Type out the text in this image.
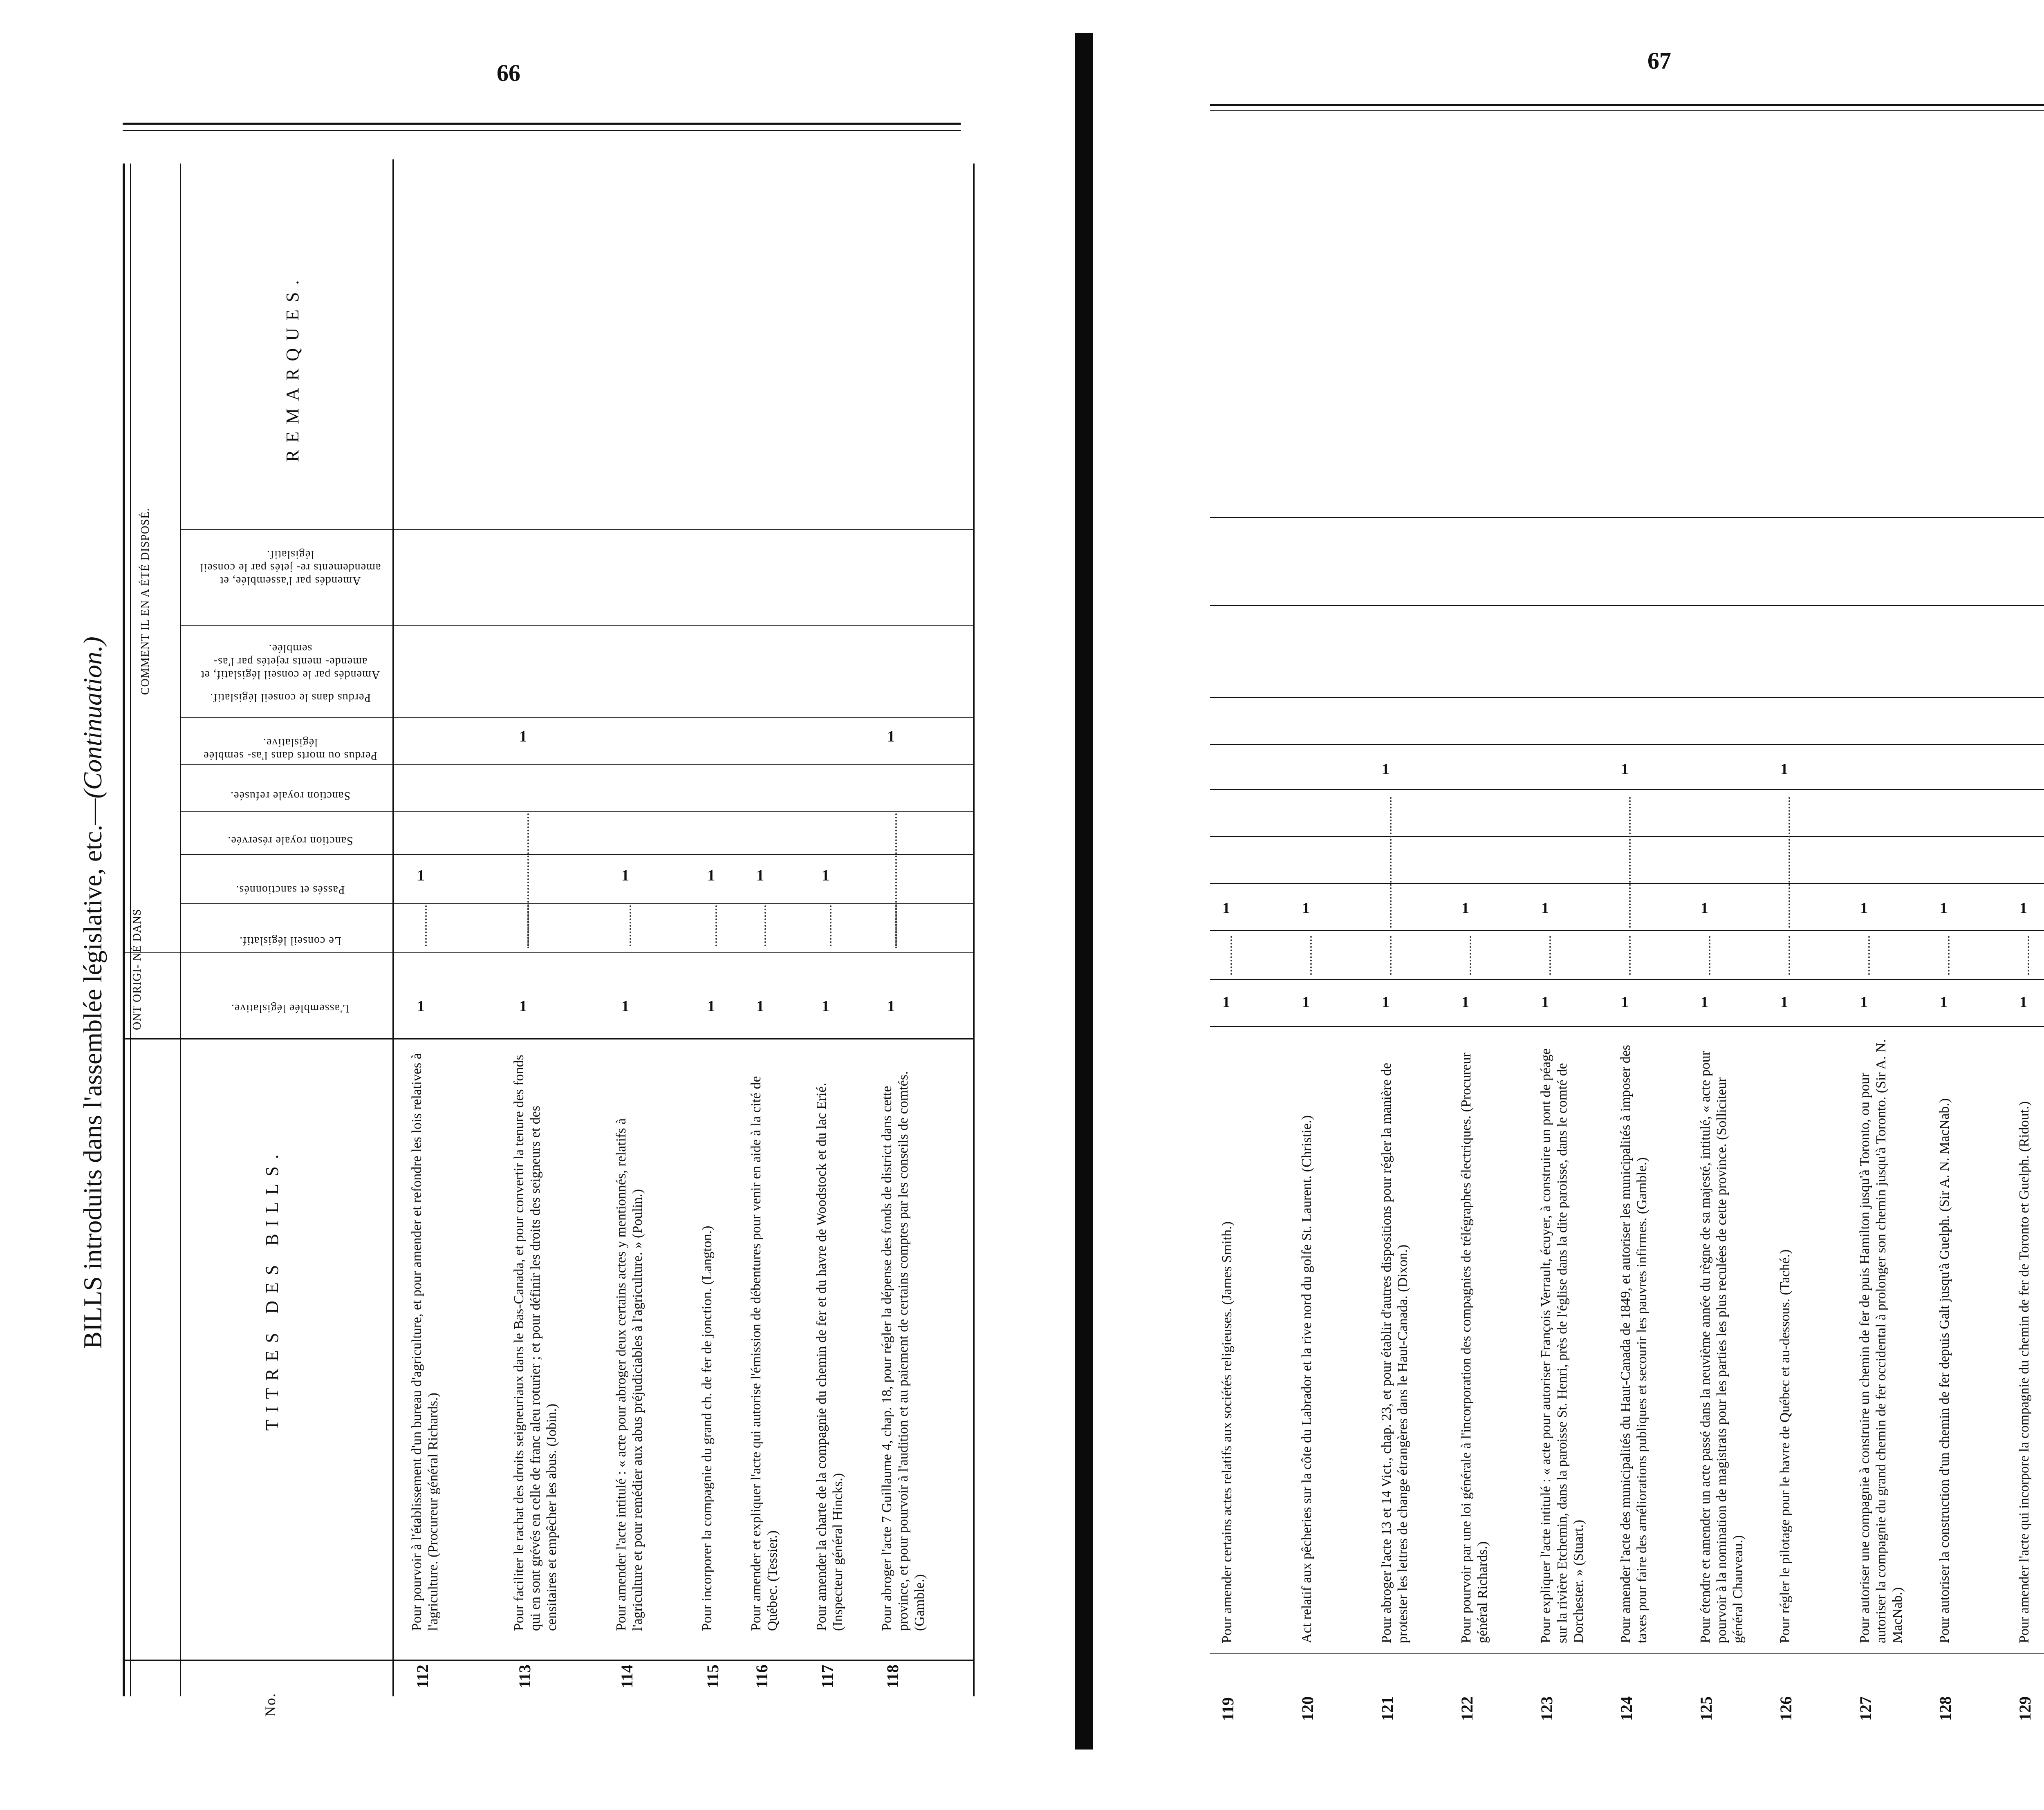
66
BILLS introduits dans l'assemblée législative, etc.—(Continuation.)
No.
TITRES DES BILLS.
ONT ORIGI- NÉ DANS
COMMENT IL EN A ÉTÉ DISPOSÉ.
REMARQUES.
L'assemblée législative.
Le conseil législatif.
Passés et sanctionnés.
Sanction royale réservée.
Sanction royale refusée.
Perdus ou morts dans l'as- semblée législative.
Perdus dans le conseil législatif.
Amendés par le conseil législatif, et amende- ments rejetés par l'as- semblée.
Amendés par l'assemblée, et amendements re- jetés par le conseil législatif.
112
Pour pourvoir à l'établissement d'un bureau d'agriculture, et pour amender et refondre les lois relatives à l'agriculture. (Procureur général Richards.)
1
1
113
Pour faciliter le rachat des droits seigneuriaux dans le Bas-Canada, et pour convertir la tenure des fonds qui en sont grévés en celle de franc aleu roturier ; et pour définir les droits des seigneurs et des censitaires et empêcher les abus. (Jobin.)
1
1
114
Pour amender l'acte intitulé : « acte pour abroger deux certains actes y mentionnés, relatifs à l'agriculture et pour remédier aux abus préjudiciables à l'agriculture. » (Poulin.)
1
1
115
Pour incorporer la compagnie du grand ch. de fer de jonction. (Langton.)
1
1
116
Pour amender et expliquer l'acte qui autorise l'émission de débentures pour venir en aide à la cité de Québec. (Tessier.)
1
1
117
Pour amender la charte de la compagnie du chemin de fer et du havre de Woodstock et du lac Erié. (Inspecteur général Hincks.)
1
1
118
Pour abroger l'acte 7 Guillaume 4, chap. 18, pour régler la dépense des fonds de district dans cette province, et pour pourvoir à l'audition et au paiement de certains comptes par les conseils de comtés. (Gamble.)
1
1
67
119
Pour amender certains actes relatifs aux sociétés religieuses. (James Smith.)
1
1
120
Act relatif aux pêcheries sur la côte du Labrador et la rive nord du golfe St. Laurent. (Christie.)
1
1
121
Pour abroger l'acte 13 et 14 Vict., chap. 23, et pour établir d'autres dispositions pour régler la manière de protester les lettres de change étrangères dans le Haut-Canada. (Dixon.)
1
1
122
Pour pourvoir par une loi générale à l'incorporation des compagnies de télégraphes électriques. (Procureur général Richards.)
1
1
123
Pour expliquer l'acte intitulé : « acte pour autoriser François Verrault, écuyer, à construire un pont de péage sur la rivière Etchemin, dans la paroisse St. Henri, près de l'église dans la dite paroisse, dans le comté de Dorchester. » (Stuart.)
1
1
124
Pour amender l'acte des municipalités du Haut-Canada de 1849, et autoriser les municipalités à imposer des taxes pour faire des améliorations publiques et secourir les pauvres infirmes. (Gamble.)
1
1
125
Pour étendre et amender un acte passé dans la neuvième année du règne de sa majesté, intitulé, « acte pour pourvoir à la nomination de magistrats pour les parties les plus reculées de cette province. (Solliciteur général Chauveau.)
1
1
126
Pour régler le pilotage pour le havre de Québec et au-dessous. (Taché.)
1
1
127
Pour autoriser une compagnie à construire un chemin de fer de puis Hamilton jusqu'à Toronto, ou pour autoriser la compagnie du grand chemin de fer occidental à prolonger son chemin jusqu'à Toronto. (Sir A. N. MacNab.)
1
1
128
Pour autoriser la construction d'un chemin de fer depuis Galt jusqu'à Guelph. (Sir A. N. MacNab.)
1
1
129
Pour amender l'acte qui incorpore la compagnie du chemin de fer de Toronto et Guelph. (Ridout.)
1
1
